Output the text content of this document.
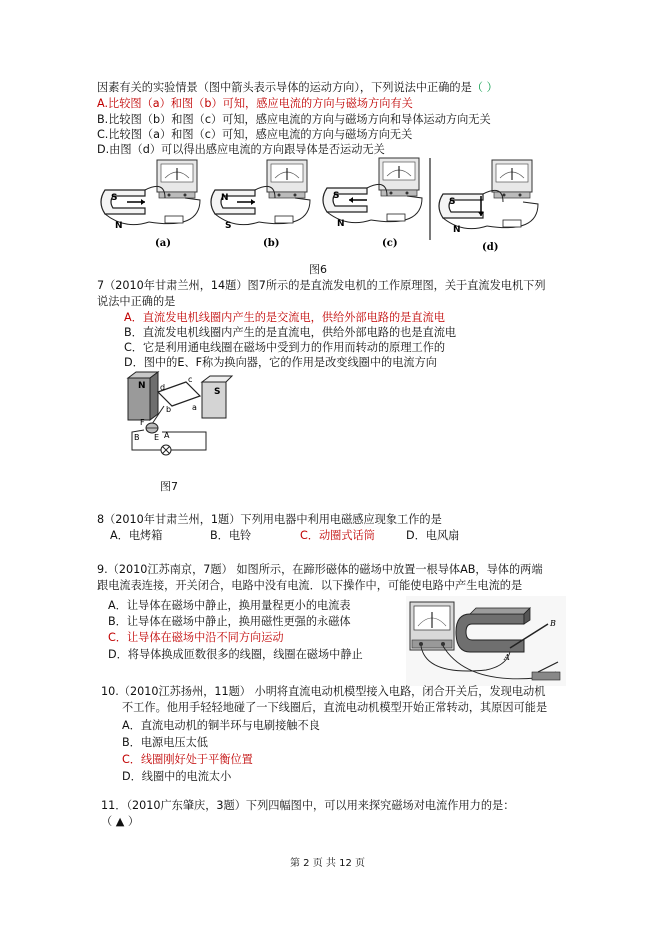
因素有关的实验情景（图中箭头表示导体的运动方向），下列说法中正确的是（ ）
A.比较图（a）和图（b）可知，感应电流的方向与磁场方向有关
B.比较图（b）和图（c）可知，感应电流的方向与磁场方向和导体运动方向无关
C.比较图（a）和图（c）可知，感应电流的方向与磁场方向无关
D.由图（d）可以得出感应电流的方向跟导体是否运动无关
S
N
(a)
N
S
(b)
S
N
(c)
S
N
(d)
图6
7（2010年甘肃兰州，14题）图7所示的是直流发电机的工作原理图，关于直流发电机下列
说法中正确的是
A．直流发电机线圈内产生的是交流电，供给外部电路的是直流电
B．直流发电机线圈内产生的是直流电，供给外部电路的也是直流电
C．它是利用通电线圈在磁场中受到力的作用而转动的原理工作的
D．图中的E、F称为换向器，它的作用是改变线圈中的电流方向
N
S
d
c
b	a
F
E A
B
图7
8（2010年甘肃兰州，1题）下列用电器中利用电磁感应现象工作的是
A．电烤箱	B．电铃	C．动圈式话筒	D．电风扇
9.（2010江苏南京，7题） 如图所示，在蹄形磁体的磁场中放置一根导体AB，导体的两端
跟电流表连接，开关闭合，电路中没有电流．以下操作中，可能使电路中产生电流的是
A．让导体在磁场中静止，换用量程更小的电流表
B．让导体在磁场中静止，换用磁性更强的永磁体
C．让导体在磁场中沿不同方向运动
D．将导体换成匝数很多的线圈，线圈在磁场中静止
B
A
10.（2010江苏扬州，11题） 小明将直流电动机模型接入电路，闭合开关后，发现电动机
不工作。他用手轻轻地碰了一下线圈后，直流电动机模型开始正常转动，其原因可能是
A．直流电动机的铜半环与电刷接触不良
B．电源电压太低
C．线圈刚好处于平衡位置
D．线圈中的电流太小
11．（2010广东肇庆，3题）下列四幅图中，可以用来探究磁场对电流作用力的是：
（ ▲ ）
第 2 页 共 12 页
